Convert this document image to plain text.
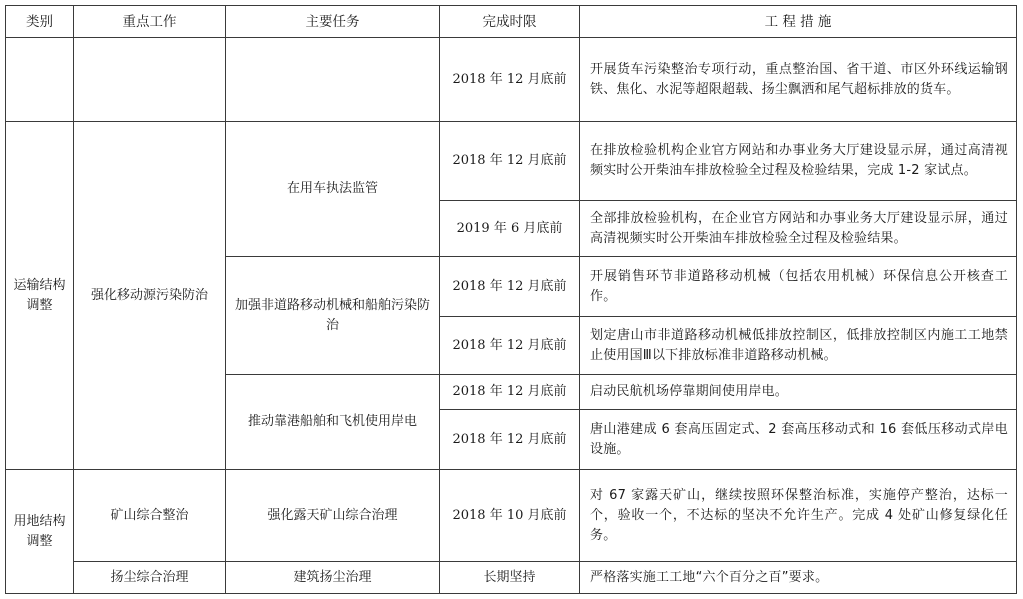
类别	重点工作	主要任务	完成时限	工 程 措 施
			2018 年 12 月底前	开展货车污染整治专项行动，重点整治国、省干道、市区外环线运输钢铁、焦化、水泥等超限超载、扬尘飘洒和尾气超标排放的货车。
运输结构调整	强化移动源污染防治	在用车执法监管	2018 年 12 月底前	在排放检验机构企业官方网站和办事业务大厅建设显示屏，通过高清视频实时公开柴油车排放检验全过程及检验结果，完成 1-2 家试点。
			2019 年 6 月底前	全部排放检验机构，在企业官方网站和办事业务大厅建设显示屏，通过高清视频实时公开柴油车排放检验全过程及检验结果。
		加强非道路移动机械和船舶污染防治	2018 年 12 月底前	开展销售环节非道路移动机械（包括农用机械）环保信息公开核查工作。
			2018 年 12 月底前	划定唐山市非道路移动机械低排放控制区，低排放控制区内施工工地禁止使用国Ⅲ以下排放标准非道路移动机械。
		推动靠港船舶和飞机使用岸电	2018 年 12 月底前	启动民航机场停靠期间使用岸电。
			2018 年 12 月底前	唐山港建成 6 套高压固定式、2 套高压移动式和 16 套低压移动式岸电设施。
用地结构调整	矿山综合整治	强化露天矿山综合治理	2018 年 10 月底前	对 67 家露天矿山，继续按照环保整治标准，实施停产整治，达标一个，验收一个，不达标的坚决不允许生产。完成 4 处矿山修复绿化任务。
	扬尘综合治理	建筑扬尘治理	长期坚持	严格落实施工工地“六个百分之百”要求。
